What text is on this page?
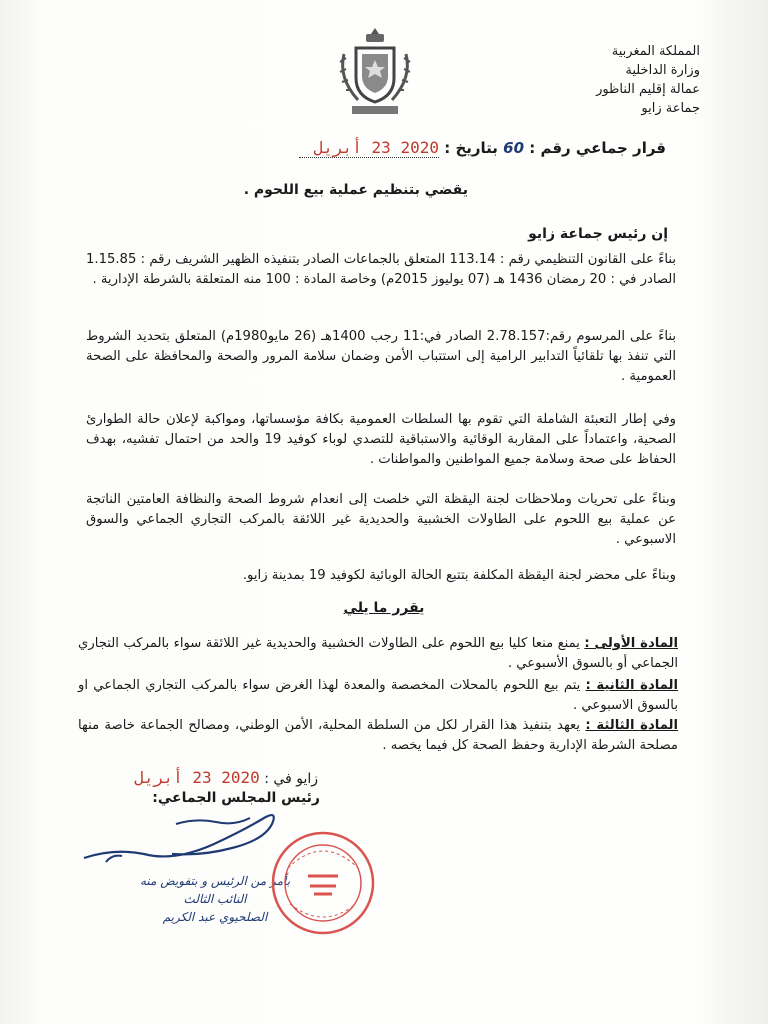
المملكة المغربية
وزارة الداخلية
عمالة إقليم الناظور
جماعة زايو
قرار جماعي رقم : 60 بتاريخ : 2020 23 أبريل
يقضي بتنظيم عملية بيع اللحوم .
إن رئيس جماعة زايو
بناءً على القانون التنظيمي رقم : 113.14 المتعلق بالجماعات الصادر بتنفيذه الظهير الشريف رقم : 1.15.85 الصادر في : 20 رمضان 1436 هـ (07 يوليوز 2015م) وخاصة المادة : 100 منه المتعلقة بالشرطة الإدارية .
بناءً على المرسوم رقم:2.78.157 الصادر في:11 رجب 1400هـ (26 مايو1980م) المتعلق بتحديد الشروط التي تنفذ بها تلقائياً التدابير الرامية إلى استتباب الأمن وضمان سلامة المرور والصحة والمحافظة على الصحة العمومية .
وفي إطار التعبئة الشاملة التي تقوم بها السلطات العمومية بكافة مؤسساتها، ومواكبة لإعلان حالة الطوارئ الصحية، واعتماداً على المقاربة الوقائية والاستباقية للتصدي لوباء كوفيد 19 والحد من احتمال تفشيه، بهدف الحفاظ على صحة وسلامة جميع المواطنين والمواطنات .
وبناءً على تحريات وملاحظات لجنة اليقظة التي خلصت إلى انعدام شروط الصحة والنظافة العامتين الناتجة عن عملية بيع اللحوم على الطاولات الخشبية والحديدية غير اللائقة بالمركب التجاري الجماعي والسوق الاسبوعي .
وبناءً على محضر لجنة اليقظة المكلفة بتتبع الحالة الوبائية لكوفيد 19 بمدينة زايو.
يقرر ما يلي
المادة الأولى : يمنع منعا كليا بيع اللحوم على الطاولات الخشبية والحديدية غير اللائقة سواء بالمركب التجاري الجماعي أو بالسوق الأسبوعي .
المادة الثانية : يتم بيع اللحوم بالمحلات المخصصة والمعدة لهذا الغرض سواء بالمركب التجاري الجماعي او بالسوق الاسبوعي .
المادة الثالثة : يعهد بتنفيذ هذا القرار لكل من السلطة المحلية، الأمن الوطني، ومصالح الجماعة خاصة منها مصلحة الشرطة الإدارية وحفظ الصحة كل فيما يخصه .
زايو في : 2020 23 أبريل
رئيس المجلس الجماعي:
بأمر من الرئيس و بتفويض منه
النائب الثالث
الصلحيوي عبد الكريم
